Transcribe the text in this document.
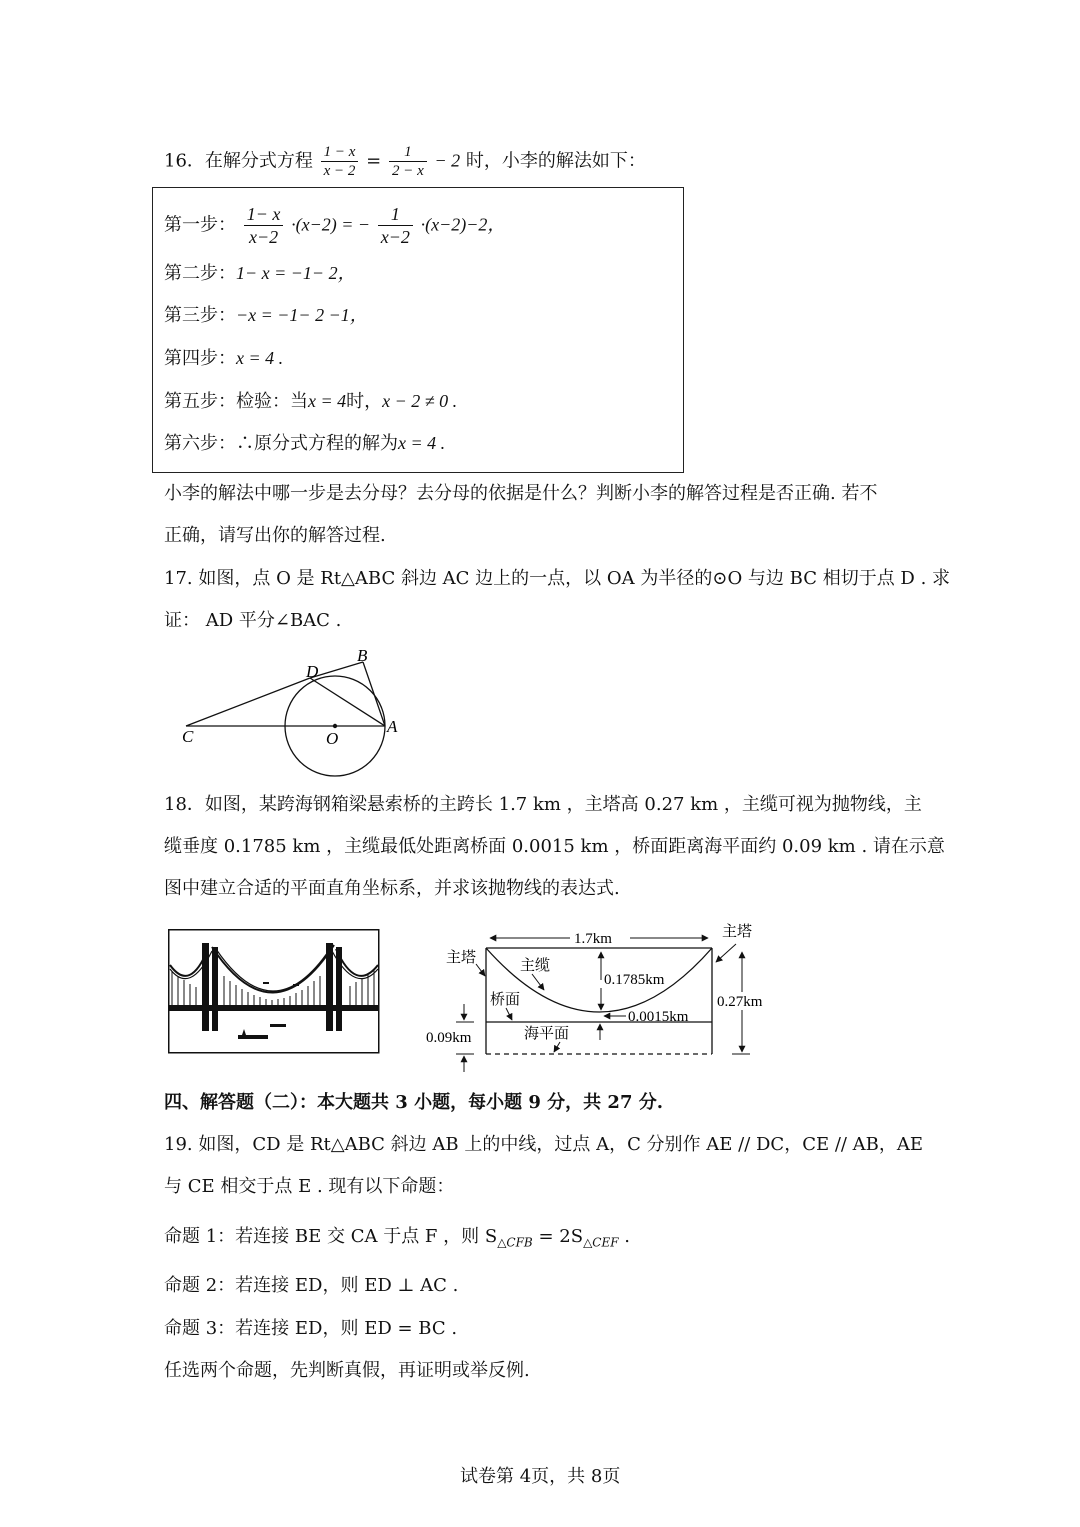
16．在解分式方程 $\frac{1 - x}{x - 2} = \frac{1}{2 - x} - 2$ 时，小李的解法如下：
第一步： $\frac{1- x}{x-2} \cdot(x-2)$ = − $\frac{1}{x-2} \cdot(x-2)-2$，
第二步：1− x = −1− 2，
第三步：−x = −1− 2 −1，
第四步：x = 4 .
第五步：检验：当x = 4时，x − 2 ≠ 0 .
第六步：∴原分式方程的解为x = 4 .
小李的解法中哪一步是去分母？去分母的依据是什么？判断小李的解答过程是否正确. 若不
正确，请写出你的解答过程.
17. 如图，点 O 是 Rt△ABC 斜边 AC 边上的一点，以 OA 为半径的⊙O 与边 BC 相切于点 D . 求
证： AD 平分∠BAC .
B
D
C	O
A
18．如图，某跨海钢箱梁悬索桥的主跨长 1.7 km ，主塔高 0.27 km ，主缆可视为抛物线，主
缆垂度 0.1785 km ，主缆最低处距离桥面 0.0015 km ，桥面距离海平面约 0.09 km . 请在示意
图中建立合适的平面直角坐标系，并求该抛物线的表达式.
1.7km
主塔
主塔
主缆
0.1785km
桥面
0.0015km
0.27km
0.09km	海平面
四、解答题（二）：本大题共 3 小题，每小题 9 分，共 27 分.
19. 如图，CD 是 Rt△ABC 斜边 AB 上的中线，过点 A，C 分别作 AE // DC，CE // AB，AE
与 CE 相交于点 E . 现有以下命题：
命题 1：若连接 BE 交 CA 于点 F ，则 $S_{\triangle CFB} = 2S_{\triangle CEF}$ .
命题 2：若连接 ED，则 ED ⊥ AC .
命题 3：若连接 ED，则 ED = BC .
任选两个命题，先判断真假，再证明或举反例.
试卷第 4页，共 8页
